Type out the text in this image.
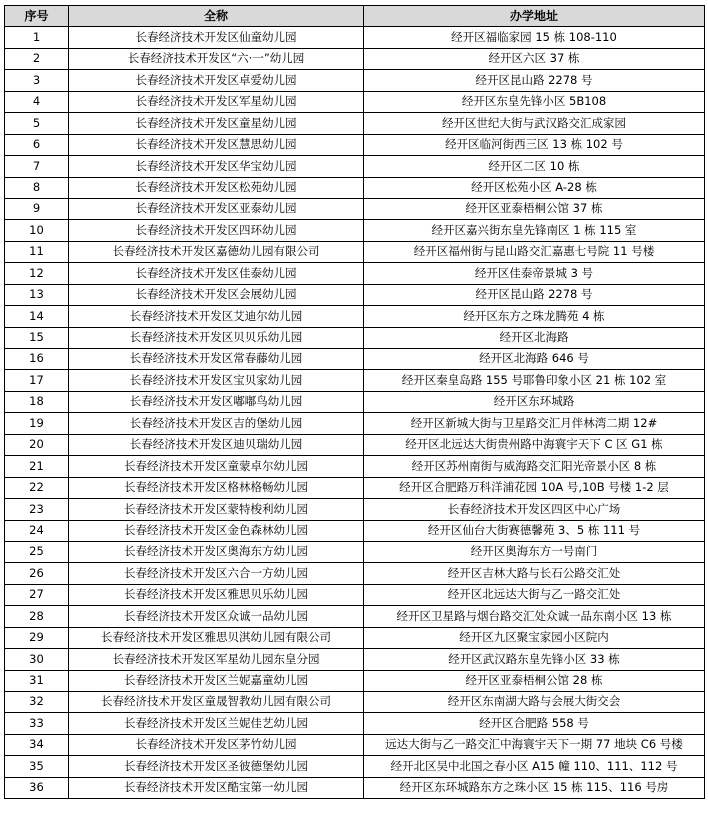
序号	全称	办学地址
1	长春经济技术开发区仙童幼儿园	经开区福临家园 15 栋 108-110
2	长春经济技术开发区“六·一”幼儿园	经开区六区 37 栋
3	长春经济技术开发区卓爱幼儿园	经开区昆山路 2278 号
4	长春经济技术开发区军星幼儿园	经开区东皇先锋小区 5B108
5	长春经济技术开发区童星幼儿园	经开区世纪大街与武汉路交汇成家园
6	长春经济技术开发区慧思幼儿园	经开区临河街西三区 13 栋 102 号
7	长春经济技术开发区华宝幼儿园	经开区二区 10 栋
8	长春经济技术开发区松苑幼儿园	经开区松苑小区 A-28 栋
9	长春经济技术开发区亚泰幼儿园	经开区亚泰梧桐公馆 37 栋
10	长春经济技术开发区四环幼儿园	经开区嘉兴街东皇先锋南区 1 栋 115 室
11	长春经济技术开发区嘉德幼儿园有限公司	经开区福州街与昆山路交汇嘉惠七号院 11 号楼
12	长春经济技术开发区佳泰幼儿园	经开区佳泰帝景城 3 号
13	长春经济技术开发区会展幼儿园	经开区昆山路 2278 号
14	长春经济技术开发区艾迪尔幼儿园	经开区东方之珠龙腾苑 4 栋
15	长春经济技术开发区贝贝乐幼儿园	经开区北海路
16	长春经济技术开发区常春藤幼儿园	经开区北海路 646 号
17	长春经济技术开发区宝贝家幼儿园	经开区秦皇岛路 155 号耶鲁印象小区 21 栋 102 室
18	长春经济技术开发区嘟嘟鸟幼儿园	经开区东环城路
19	长春经济技术开发区吉的堡幼儿园	经开区新城大街与卫星路交汇月伴林湾二期 12#
20	长春经济技术开发区迪贝瑞幼儿园	经开区北远达大街贵州路中海寰宇天下 C 区 G1 栋
21	长春经济技术开发区童蒙卓尔幼儿园	经开区苏州南街与威海路交汇阳光帝景小区 8 栋
22	长春经济技术开发区格林格畅幼儿园	经开区合肥路万科洋浦花园 10A 号,10B 号楼 1-2 层
23	长春经济技术开发区蒙特梭利幼儿园	长春经济技术开发区四区中心广场
24	长春经济技术开发区金色森林幼儿园	经开区仙台大街赛德馨苑 3、5 栋 111 号
25	长春经济技术开发区奥海东方幼儿园	经开区奥海东方一号南门
26	长春经济技术开发区六合一方幼儿园	经开区吉林大路与长石公路交汇处
27	长春经济技术开发区雅思贝乐幼儿园	经开区北远达大街与乙一路交汇处
28	长春经济技术开发区众诚一品幼儿园	经开区卫星路与烟台路交汇处众诚一品东南小区 13 栋
29	长春经济技术开发区雅思贝淇幼儿园有限公司	经开区九区聚宝家园小区院内
30	长春经济技术开发区军星幼儿园东皇分园	经开区武汉路东皇先锋小区 33 栋
31	长春经济技术开发区兰妮嘉童幼儿园	经开区亚泰梧桐公馆 28 栋
32	长春经济技术开发区童晟智教幼儿园有限公司	经开区东南湖大路与会展大街交会
33	长春经济技术开发区兰妮佳艺幼儿园	经开区合肥路 558 号
34	长春经济技术开发区茅竹幼儿园	远达大街与乙一路交汇中海寰宇天下一期 77 地块 C6 号楼
35	长春经济技术开发区圣彼德堡幼儿园	经开北区吴中北国之春小区 A15 幢 110、111、112 号
36	长春经济技术开发区酷宝第一幼儿园	经开区东环城路东方之珠小区 15 栋 115、116 号房
